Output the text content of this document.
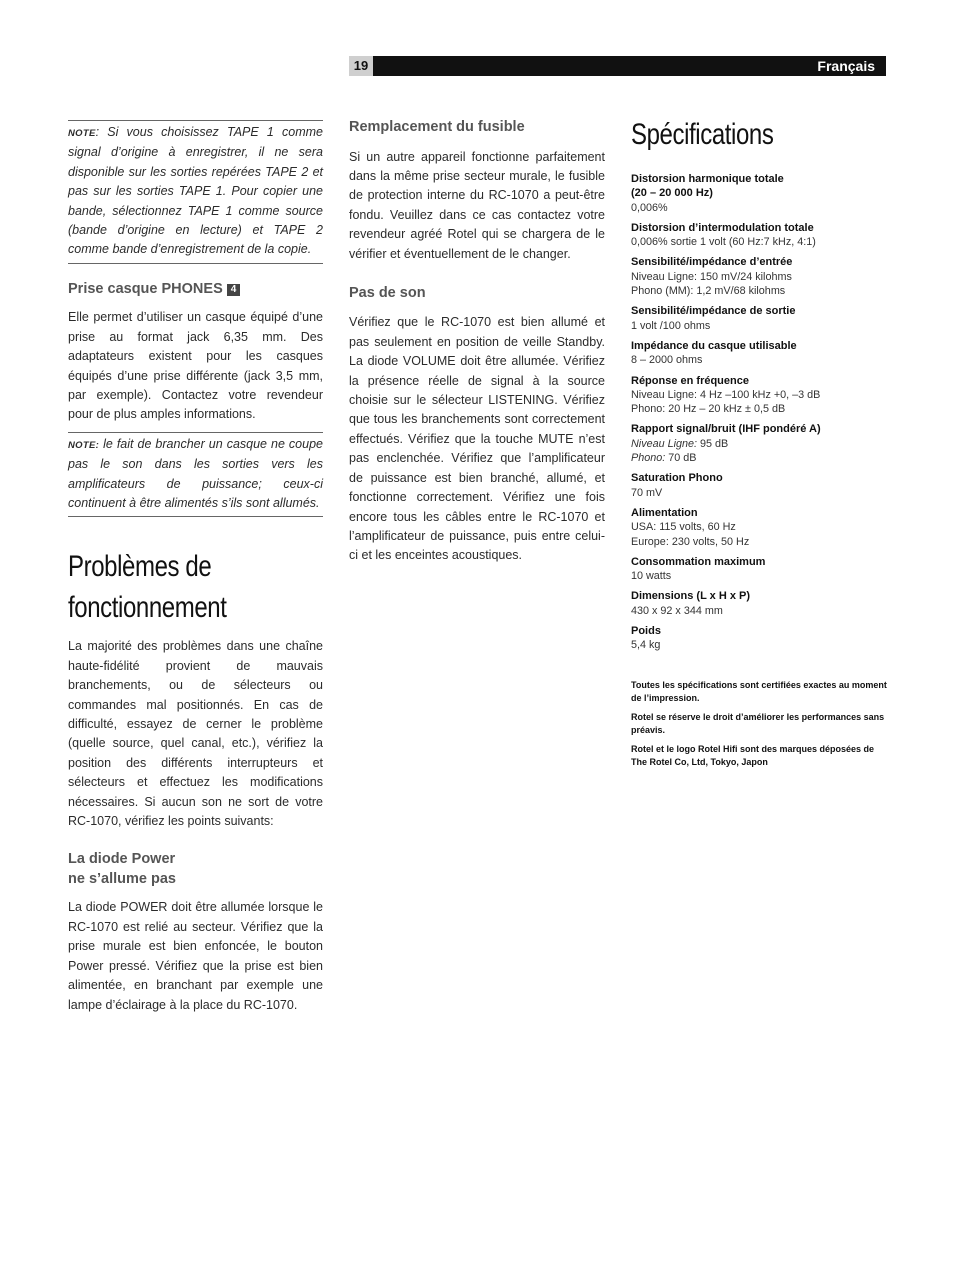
19	Français
NOTE: Si vous choisissez TAPE 1 comme signal d’origine à enregistrer, il ne sera disponible sur les sorties repérées TAPE 2 et pas sur les sorties TAPE 1. Pour copier une bande, sélectionnez TAPE 1 comme source (bande d’origine en lecture) et TAPE 2 comme bande d’enregistrement de la copie.
Prise casque PHONES 4

Elle permet d’utiliser un casque équipé d’une prise au format jack 6,35 mm. Des adaptateurs existent pour les casques équipés d’une prise différente (jack 3,5 mm, par exemple). Contactez votre revendeur pour de plus amples informations.

NOTE: le fait de brancher un casque ne coupe pas le son dans les sorties vers les amplificateurs de puissance; ceux-ci continuent à être alimentés s’ils sont allumés.
Problèmes de
fonctionnement

La majorité des problèmes dans une chaîne haute-fidélité provient de mauvais branchements, ou de sélecteurs ou commandes mal positionnés. En cas de difficulté, essayez de cerner le problème (quelle source, quel canal, etc.), vérifiez la position des différents interrupteurs et sélecteurs et effectuez les modifications nécessaires. Si aucun son ne sort de votre RC-1070, vérifiez les points suivants:

La diode Power
ne s’allume pas

La diode POWER doit être allumée lorsque le RC-1070 est relié au secteur. Vérifiez que la prise murale est bien enfoncée, le bouton Power pressé. Vérifiez que la prise est bien alimentée, en branchant par exemple une lampe d’éclairage à la place du RC-1070.

Remplacement du fusible

Si un autre appareil fonctionne parfaitement dans la même prise secteur murale, le fusible de protection interne du RC-1070 a peut-être fondu. Veuillez dans ce cas contactez votre revendeur agréé Rotel qui se chargera de le vérifier et éventuellement de le changer.

Pas de son

Vérifiez que le RC-1070 est bien allumé et pas seulement en position de veille Standby. La diode VOLUME doit être allumée. Vérifiez la présence réelle de signal à la source choisie sur le sélecteur LISTENING. Vérifiez que tous les branchements sont correctement effectués. Vérifiez que la touche MUTE n’est pas enclenchée. Vérifiez que l’amplificateur de puissance est bien branché, allumé, et fonctionne correctement. Vérifiez une fois encore tous les câbles entre le RC-1070 et l’amplificateur de puissance, puis entre celui-ci et les enceintes acoustiques.

Spécifications
Distorsion harmonique totale
(20 – 20 000 Hz)
0,006%
Distorsion d’intermodulation totale
0,006% sortie 1 volt (60 Hz:7 kHz, 4:1)
Sensibilité/impédance d’entrée
Niveau Ligne: 150 mV/24 kilohms
Phono (MM): 1,2 mV/68 kilohms
Sensibilité/impédance de sortie
1 volt /100 ohms
Impédance du casque utilisable
8 – 2000 ohms
Réponse en fréquence
Niveau Ligne: 4 Hz –100 kHz +0, –3 dB
Phono: 20 Hz – 20 kHz ± 0,5 dB
Rapport signal/bruit (IHF pondéré A)
Niveau Ligne: 95 dB
Phono: 70 dB
Saturation Phono
70 mV
Alimentation
USA: 115 volts, 60 Hz
Europe: 230 volts, 50 Hz
Consommation maximum
10 watts
Dimensions (L x H x P)
430 x 92 x 344 mm
Poids
5,4 kg

Toutes les spécifications sont certifiées exactes au moment de l’impression.

Rotel se réserve le droit d’améliorer les performances sans préavis.

Rotel et le logo Rotel Hifi sont des marques déposées de The Rotel Co, Ltd, Tokyo, Japon
